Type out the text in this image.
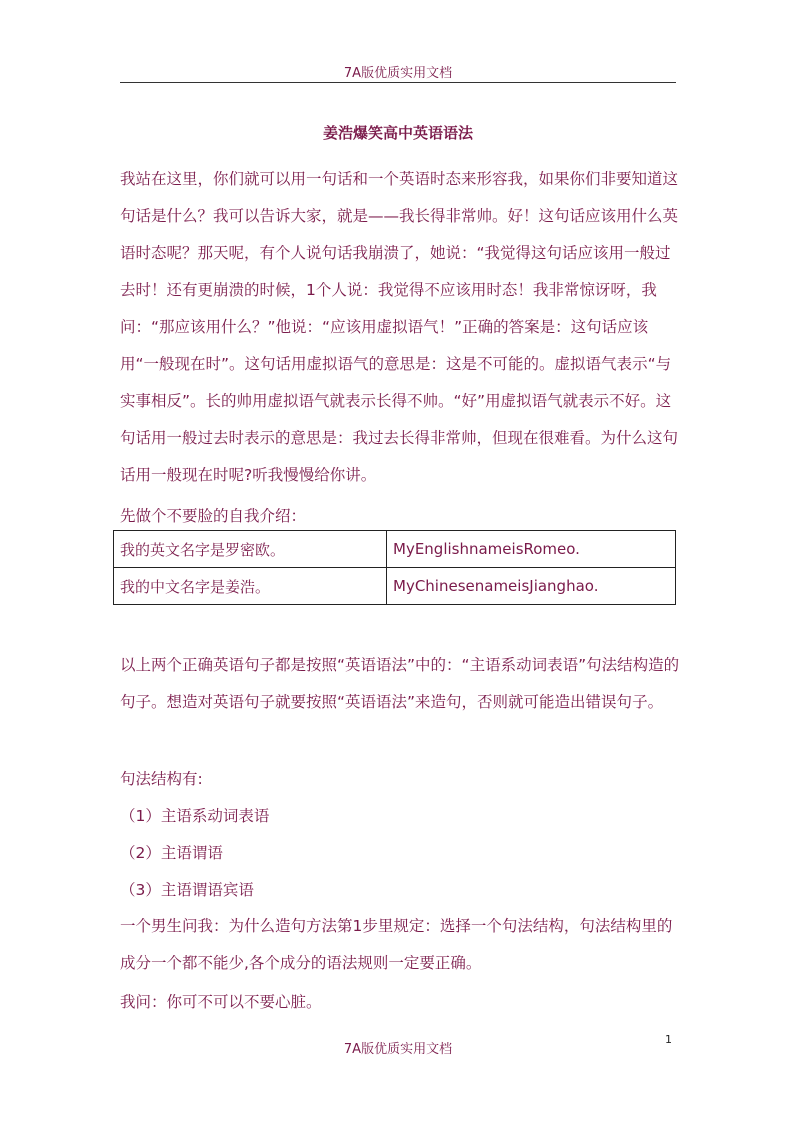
7A版优质实用文档
姜浩爆笑高中英语语法

我站在这里，你们就可以用一句话和一个英语时态来形容我，如果你们非要知道这句话是什么？我可以告诉大家，就是——我长得非常帅。好！这句话应该用什么英语时态呢？那天呢，有个人说句话我崩溃了，她说：“我觉得这句话应该用一般过去时！还有更崩溃的时候，1个人说：我觉得不应该用时态！我非常惊讶呀，我问：“那应该用什么？”他说：“应该用虚拟语气！”正确的答案是：这句话应该用“一般现在时”。这句话用虚拟语气的意思是：这是不可能的。虚拟语气表示“与实事相反”。长的帅用虚拟语气就表示长得不帅。“好”用虚拟语气就表示不好。这句话用一般过去时表示的意思是：我过去长得非常帅，但现在很难看。为什么这句话用一般现在时呢?听我慢慢给你讲。

先做个不要脸的自我介绍：
我的英文名字是罗密欧。	MyEnglishnameisRomeo.
我的中文名字是姜浩。	MyChinesenameisJianghao.

以上两个正确英语句子都是按照“英语语法”中的：“主语系动词表语”句法结构造的句子。想造对英语句子就要按照“英语语法”来造句，否则就可能造出错误句子。

句法结构有:
（1）主语系动词表语
（2）主语谓语
（3）主语谓语宾语

一个男生问我：为什么造句方法第1步里规定：选择一个句法结构，句法结构里的成分一个都不能少,各个成分的语法规则一定要正确。

我问：你可不可以不要心脏。
1
7A版优质实用文档
